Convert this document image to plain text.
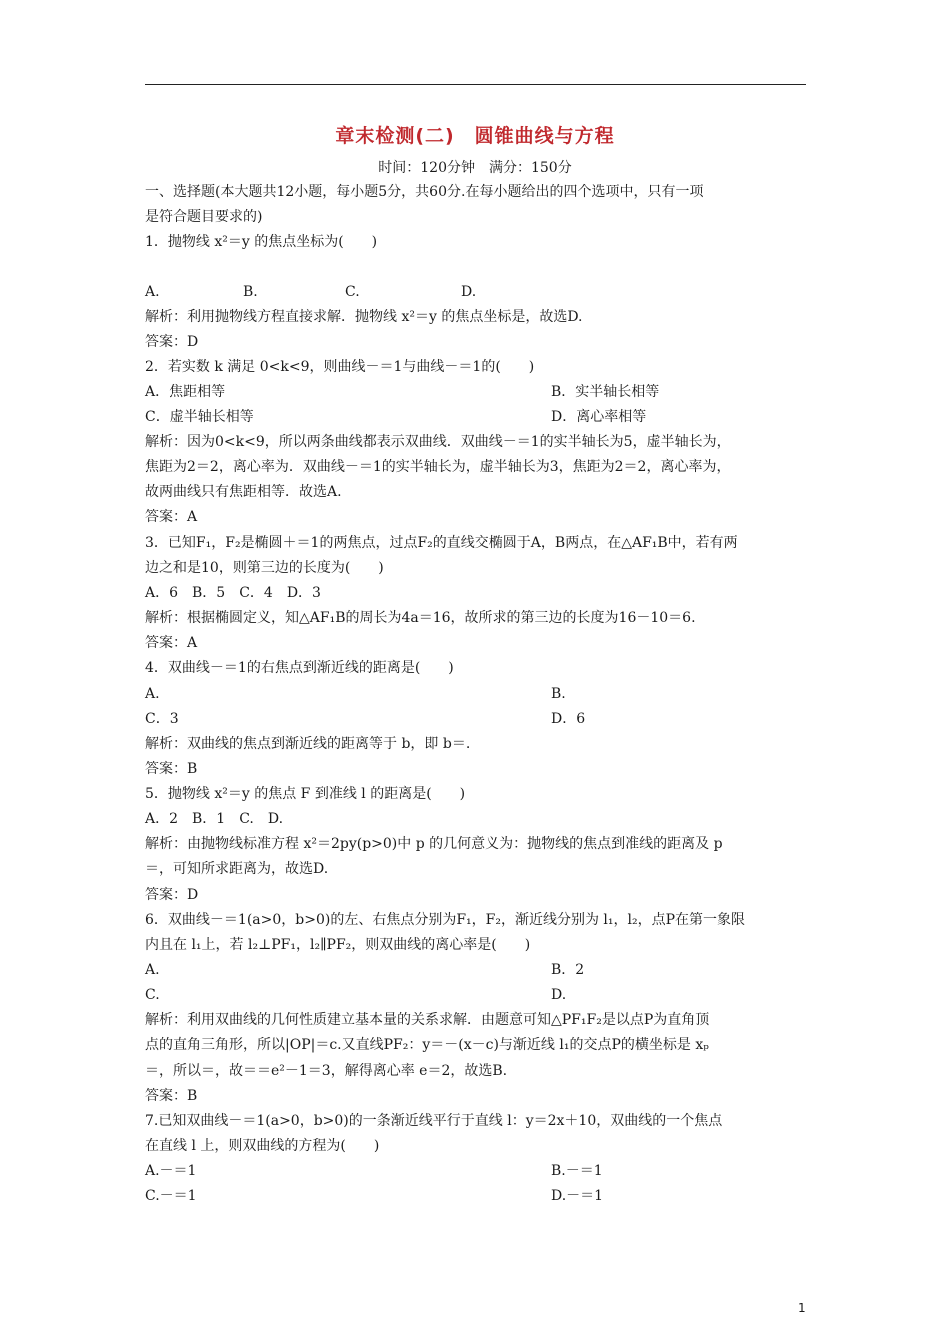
章末检测(二)　圆锥曲线与方程
时间：120分钟　满分：150分
一、选择题(本大题共12小题，每小题5分，共60分.在每小题给出的四个选项中，只有一项
是符合题目要求的)
1．抛物线 x²＝y 的焦点坐标为(　　)
A.	B.	C.	D.
解析：利用抛物线方程直接求解．抛物线 x²＝y 的焦点坐标是，故选D.
答案：D
2．若实数 k 满足 0<k<9，则曲线－＝1与曲线－＝1的(　　)
A．焦距相等	B．实半轴长相等
C．虚半轴长相等	D．离心率相等
解析：因为0<k<9，所以两条曲线都表示双曲线．双曲线－＝1的实半轴长为5，虚半轴长为，
焦距为2＝2，离心率为．双曲线－＝1的实半轴长为，虚半轴长为3，焦距为2＝2，离心率为，
故两曲线只有焦距相等．故选A.
答案：A
3．已知F₁，F₂是椭圆＋＝1的两焦点，过点F₂的直线交椭圆于A，B两点，在△AF₁B中，若有两
边之和是10，则第三边的长度为(　　)
A．6　B．5　C．4　D．3
解析：根据椭圆定义，知△AF₁B的周长为4a＝16，故所求的第三边的长度为16－10＝6.
答案：A
4．双曲线－＝1的右焦点到渐近线的距离是(　　)
A.	B.
C．3	D．6
解析：双曲线的焦点到渐近线的距离等于 b，即 b＝.
答案：B
5．抛物线 x²＝y 的焦点 F 到准线 l 的距离是(　　)
A．2　B．1　C.　D.
解析：由抛物线标准方程 x²＝2py(p>0)中 p 的几何意义为：抛物线的焦点到准线的距离及 p
＝，可知所求距离为，故选D.
答案：D
6．双曲线－＝1(a>0，b>0)的左、右焦点分别为F₁，F₂，渐近线分别为 l₁，l₂，点P在第一象限
内且在 l₁上，若 l₂⊥PF₁，l₂∥PF₂，则双曲线的离心率是(　　)
A.	B．2
C.	D.
解析：利用双曲线的几何性质建立基本量的关系求解．由题意可知△PF₁F₂是以点P为直角顶
点的直角三角形，所以|OP|＝c.又直线PF₂：y＝－(x－c)与渐近线 l₁的交点P的横坐标是 xₚ
＝，所以＝，故＝＝e²－1＝3，解得离心率 e＝2，故选B.
答案：B
7.已知双曲线－＝1(a>0，b>0)的一条渐近线平行于直线 l：y＝2x＋10，双曲线的一个焦点
在直线 l 上，则双曲线的方程为(　　)
A.－＝1	B.－＝1
C.－＝1	D.－＝1
1
